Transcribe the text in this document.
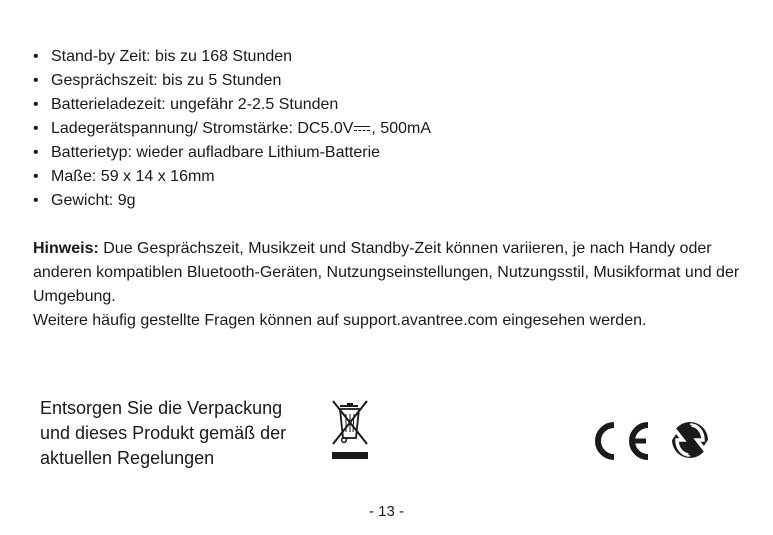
• Stand-by Zeit: bis zu 168 Stunden
• Gesprächszeit: bis zu 5 Stunden
• Batterieladezeit: ungefähr 2-2.5 Stunden
• Ladegerätspannung/ Stromstärke: DC5.0V , 500mA
• Batterietyp: wieder aufladbare Lithium-Batterie
• Maße: 59 x 14 x 16mm
• Gewicht: 9g

Hinweis: Due Gesprächszeit, Musikzeit und Standby-Zeit können variieren, je nach Handy oder anderen kompatiblen Bluetooth-Geräten, Nutzungseinstellungen, Nutzungsstil, Musikformat und der Umgebung.

Weitere häufig gestellte Fragen können auf support.avantree.com eingesehen werden.

Entsorgen Sie die Verpackung
und dieses Produkt gemäß der
aktuellen Regelungen
- 13 -
